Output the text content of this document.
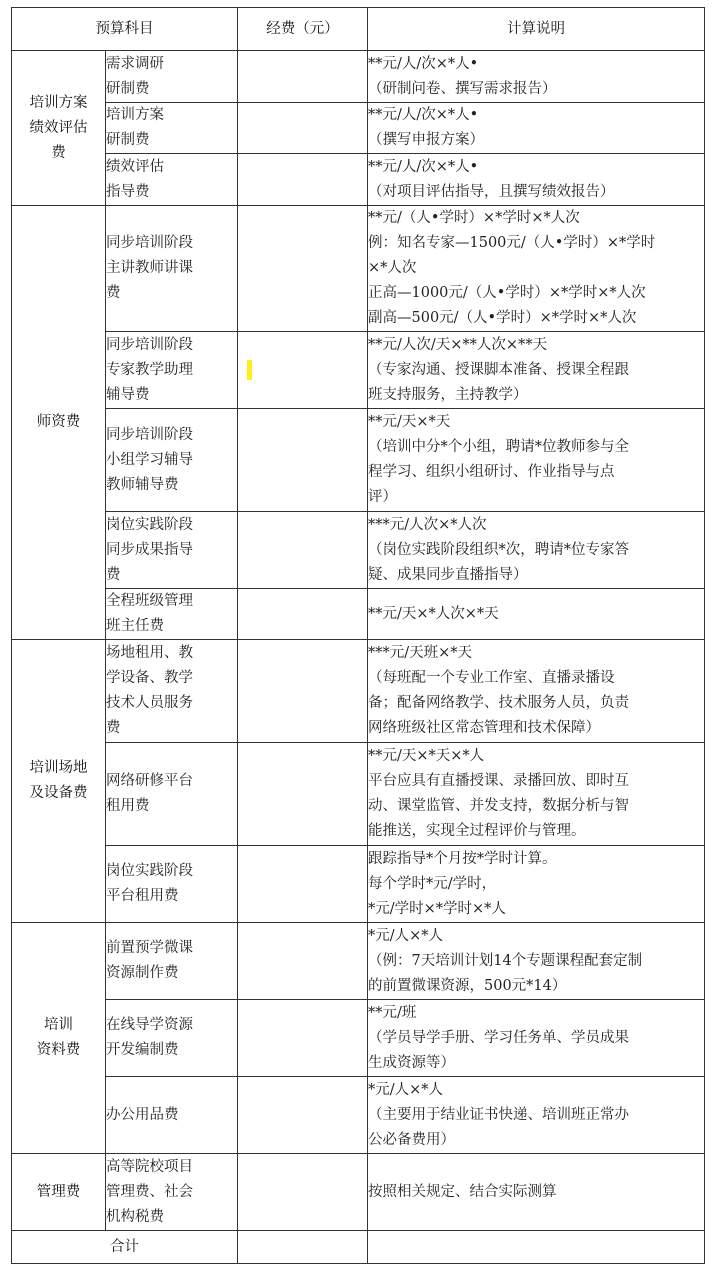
预算科目		经费（元）	计算说明

培训方案
绩效评估
费	需求调研
研制费		**元/人/次×*人•
（研制问卷、撰写需求报告）

	培训方案
研制费		**元/人/次×*人•
（撰写申报方案）

	绩效评估
指导费		**元/人/次×*人•
（对项目评估指导，且撰写绩效报告）

师资费	同步培训阶段
主讲教师讲课
费		**元/（人•学时）×*学时×*人次
例：知名专家—1500元/（人•学时）×*学时
×*人次
正高—1000元/（人•学时）×*学时×*人次
副高—500元/（人•学时）×*学时×*人次

	同步培训阶段
专家教学助理
辅导费		**元/人次/天×**人次×**天
（专家沟通、授课脚本准备、授课全程跟
班支持服务，主持教学）

	同步培训阶段
小组学习辅导
教师辅导费		**元/天×*天
（培训中分*个小组，聘请*位教师参与全
程学习、组织小组研讨、作业指导与点
评）

	岗位实践阶段
同步成果指导
费		***元/人次×*人次
（岗位实践阶段组织*次，聘请*位专家答
疑、成果同步直播指导）

	全程班级管理
班主任费		**元/天×*人次×*天

培训场地
及设备费	场地租用、教
学设备、教学
技术人员服务
费		***元/天班×*天
（每班配一个专业工作室、直播录播设
备；配备网络教学、技术服务人员，负责
网络班级社区常态管理和技术保障）

	网络研修平台
租用费		**元/天×*天×*人
平台应具有直播授课、录播回放、即时互
动、课堂监管、并发支持，数据分析与智
能推送，实现全过程评价与管理。

	岗位实践阶段
平台租用费		跟踪指导*个月按*学时计算。
每个学时*元/学时，
*元/学时×*学时×*人

培训
资料费	前置预学微课
资源制作费		*元/人×*人
（例：7天培训计划14个专题课程配套定制
的前置微课资源，500元*14）

	在线导学资源
开发编制费		**元/班
（学员导学手册、学习任务单、学员成果
生成资源等）

	办公用品费		*元/人×*人
（主要用于结业证书快递、培训班正常办
公必备费用）

管理费	高等院校项目
管理费、社会
机构税费		按照相关规定、结合实际测算

合计			
